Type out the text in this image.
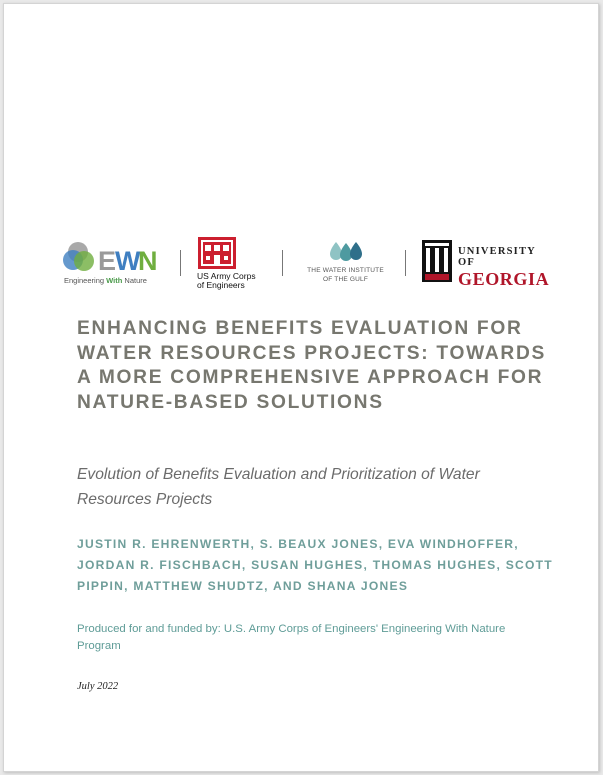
E W
N
Engineering With Nature	US Army Corps
of Engineers
THE WATER INSTITUTE
OF THE GULF
UNIVERSITY OF
GEORGIA
ENHANCING BENEFITS EVALUATION FOR WATER RESOURCES PROJECTS: TOWARDS A MORE COMPREHENSIVE APPROACH FOR NATURE-BASED SOLUTIONS

Evolution of Benefits Evaluation and Prioritization of Water Resources Projects

JUSTIN R. EHRENWERTH, S. BEAUX JONES, EVA WINDHOFFER, JORDAN R. FISCHBACH, SUSAN HUGHES, THOMAS HUGHES, SCOTT PIPPIN, MATTHEW SHUDTZ, AND SHANA JONES

Produced for and funded by: U.S. Army Corps of Engineers' Engineering With Nature Program

July 2022
